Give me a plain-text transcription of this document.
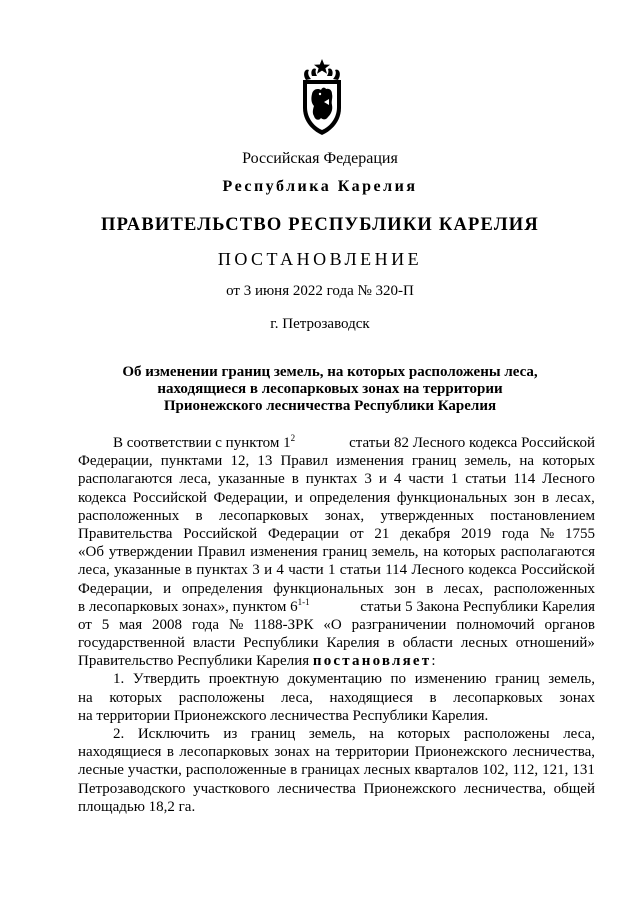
Российская Федерация
Республика Карелия
ПРАВИТЕЛЬСТВО РЕСПУБЛИКИ КАРЕЛИЯ
ПОСТАНОВЛЕНИЕ
от 3 июня 2022 года № 320-П
г. Петрозаводск
Об изменении границ земель, на которых расположены леса,
находящиеся в лесопарковых зонах на территории
Прионежского лесничества Республики Карелия
В соответствии с пунктом $1^2$	статьи 82 Лесного кодекса Российской
Федерации, пунктами 12, 13 Правил изменения границ земель, на которых
располагаются леса, указанные в пунктах 3 и 4 части 1 статьи 114 Лесного
кодекса Российской Федерации, и определения функциональных зон в лесах,
расположенных в лесопарковых зонах, утвержденных постановлением
Правительства Российской Федерации от 21 декабря 2019 года № 1755
«Об утверждении Правил изменения границ земель, на которых располагаются
леса, указанные в пунктах 3 и 4 части 1 статьи 114 Лесного кодекса Российской
Федерации, и определения функциональных зон в лесах, расположенных
в лесопарковых зонах», пунктом 6$^{1-1}$	статьи 5 Закона Республики Карелия
от 5 мая 2008 года № 1188-ЗРК «О разграничении полномочий органов
государственной власти Республики Карелия в области лесных отношений»
Правительство Республики Карелия
постановляет :
1. Утвердить проектную документацию по изменению границ земель,
на которых расположены леса, находящиеся в лесопарковых зонах
на территории Прионежского лесничества Республики Карелия.
2. Исключить из границ земель, на которых расположены леса,
находящиеся в лесопарковых зонах на территории Прионежского лесничества,
лесные участки, расположенные в границах лесных кварталов 102, 112, 121, 131
Петрозаводского участкового лесничества Прионежского лесничества, общей
площадью 18,2 га.
